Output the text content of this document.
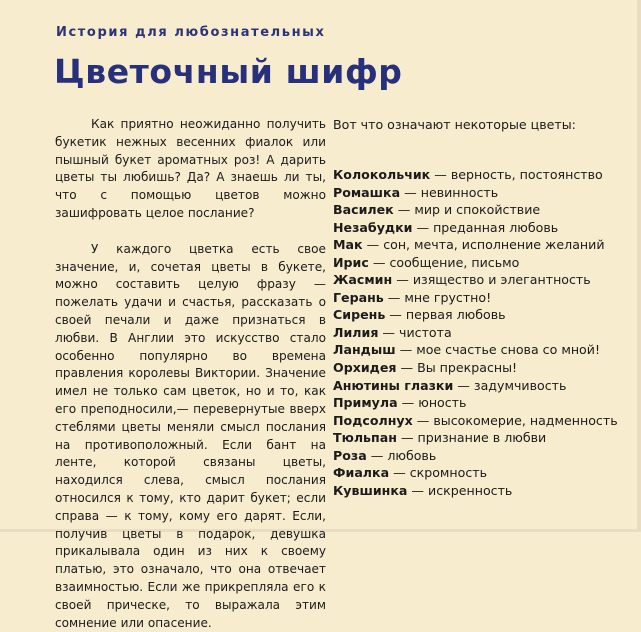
История для любознательных
Цветочный шифр

Как приятно неожиданно получить букетик нежных весенних фиалок или пышный букет ароматных роз! А дарить цветы ты любишь? Да? А знаешь ли ты, что с помощью цветов можно зашифровать целое послание?

У каждого цветка есть свое значение, и, сочетая цветы в букете, можно составить целую фразу — пожелать удачи и счастья, рассказать о своей печали и даже признаться в любви. В Англии это искусство стало особенно популярно во времена правления королевы Виктории. Значение имел не только сам цветок, но и то, как его преподносили,— перевернутые вверх стеблями цветы меняли смысл послания на противоположный. Если бант на ленте, которой связаны цветы, находился слева, смысл послания относился к тому, кто дарит букет; если справа — к тому, кому его дарят. Если, получив цветы в подарок, девушка прикалывала один из них к своему платью, это означало, что она отвечает взаимностью. Если же прикрепляла его к своей прическе, то выражала этим сомнение или опасение.

Вот что означают некоторые цветы:
Колокольчик — верность, постоянство
Ромашка — невинность
Василек — мир и спокойствие
Незабудки — преданная любовь
Мак — сон, мечта, исполнение желаний
Ирис — сообщение, письмо
Жасмин — изящество и элегантность
Герань — мне грустно!
Сирень — первая любовь
Лилия — чистота
Ландыш — мое счастье снова со мной!
Орхидея — Вы прекрасны!
Анютины глазки — задумчивость
Примула — юность
Подсолнух — высокомерие, надменность
Тюльпан — признание в любви
Роза — любовь
Фиалка — скромность
Кувшинка — искренность
